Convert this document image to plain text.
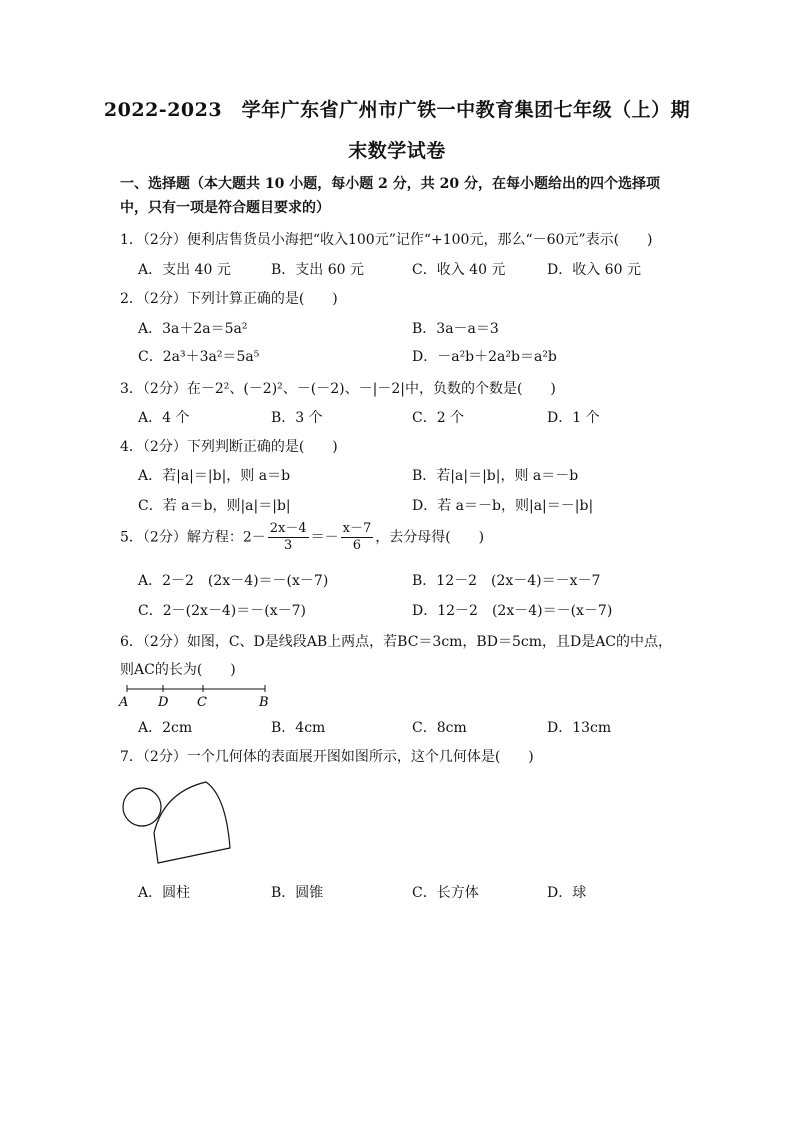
2022-2023　学年广东省广州市广铁一中教育集团七年级（上）期
末数学试卷
一、选择题（本大题共 10 小题，每小题 2 分，共 20 分，在每小题给出的四个选择项中，只有一项是符合题目要求的）
1．（2分）便利店售货员小海把“收入100元”记作“+100元，那么“－60元”表示(　　)
A．支出 40 元	B．支出 60 元	C．收入 40 元	D．收入 60 元
2．（2分）下列计算正确的是(　　)
A．3a＋2a＝5a²	B．3a－a＝3
C．2a³＋3a²＝5a⁵	D．－a²b＋2a²b＝a²b
3．（2分）在－2²、(－2)²、－(－2)、－|－2|中，负数的个数是(　　)
A．4 个	B．3 个	C．2 个	D．1 个
4．（2分）下列判断正确的是(　　)
A．若|a|＝|b|，则 a＝b	B．若|a|＝|b|，则 a＝－b
C．若 a＝b，则|a|＝|b|	D．若 a＝－b，则|a|＝－|b|
5．（2分）解方程：$2- \frac{2x-4}{3} =- \frac{x-7}{6}$ ，去分母得(　　)
A．2－2　(2x－4)＝－(x－7)	B．12－2　(2x－4)＝－x－7
C．2－(2x－4)＝－(x－7)	D．12－2　(2x－4)＝－(x－7)
6．（2分）如图，C、D是线段AB上两点，若BC＝3cm，BD＝5cm，且D是AC的中点，
则AC的长为(　　)
A D C	B
A．2cm	B．4cm	C．8cm	D．13cm
7．（2分）一个几何体的表面展开图如图所示，这个几何体是(　　)
A．圆柱	B．圆锥	C．长方体	D．球
